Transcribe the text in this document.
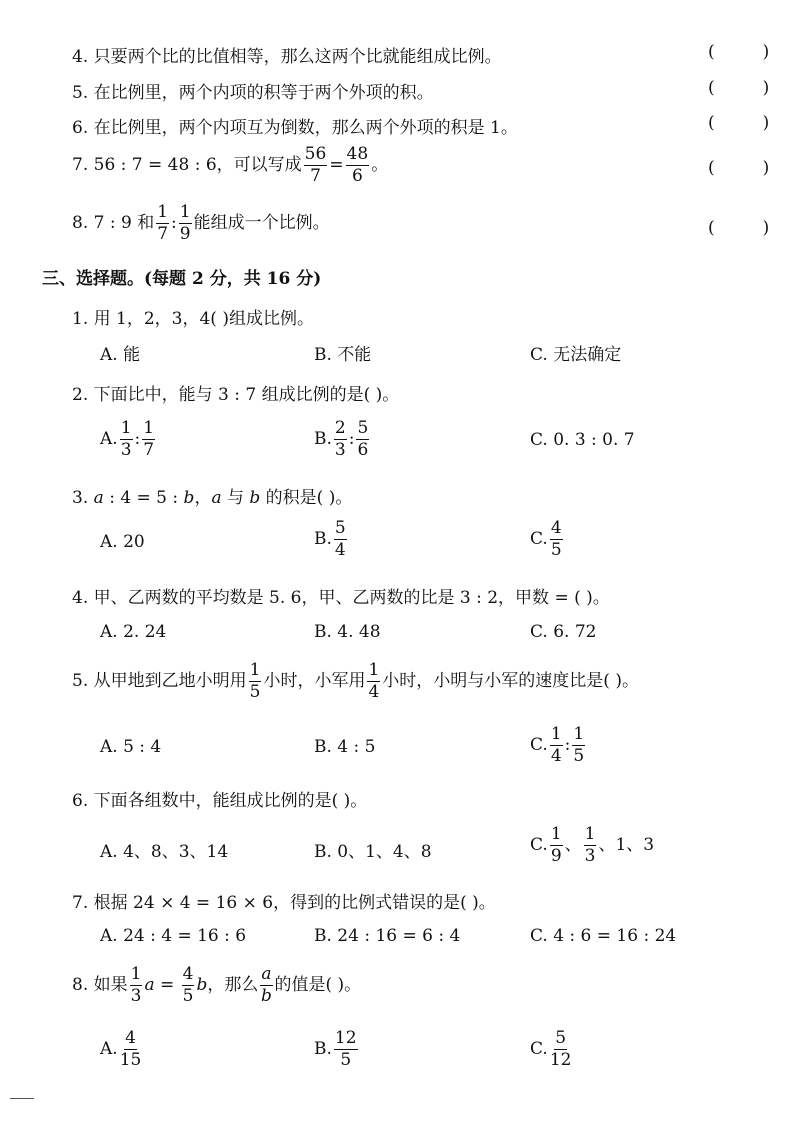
4. 只要两个比的比值相等，那么这两个比就能组成比例。	(	)
5. 在比例里，两个内项的积等于两个外项的积。	(	)
6. 在比例里，两个内项互为倒数，那么两个外项的积是 1。	(	)
7. 56 : 7 = 48 : 6，可以写成 $\frac{56}{7} = \frac{48}{6}$ 。	(	)
8. 7 : 9 和 $\frac{1}{7}$ : $\frac{1}{9}$ 能组成一个比例。	(	)
三、选择题。(每题 2 分，共 16 分)
1. 用 1，2，3，4( )组成比例。
A. 能	B. 不能	C. 无法确定
2. 下面比中，能与 3 : 7 组成比例的是( )。
A. $\frac{1}{3}$ : $\frac{1}{7}$	B. $\frac{2}{3}$ : $\frac{5}{6}$	C. 0. 3 : 0. 7
3. a : 4 = 5 : b，a 与 b 的积是( )。
A. 20	B. $\frac{5}{4}$	C. $\frac{4}{5}$
4. 甲、乙两数的平均数是 5. 6，甲、乙两数的比是 3 : 2，甲数 = ( )。
A. 2. 24	B. 4. 48	C. 6. 72
5. 从甲地到乙地小明用 $\frac{1}{5}$ 小时，小军用 $\frac{1}{4}$ 小时，小明与小军的速度比是( )。
A. 5 : 4	B. 4 : 5	C. $\frac{1}{4}$ : $\frac{1}{5}$
6. 下面各组数中，能组成比例的是( )。
A. 4、8、3、14	B. 0、1、4、8	C. $\frac{1}{9}$ 、 $\frac{1}{3}$ 、1、3
7. 根据 24 × 4 = 16 × 6，得到的比例式错误的是( )。
A. 24 : 4 = 16 : 6	B. 24 : 16 = 6 : 4	C. 4 : 6 = 16 : 24
8. 如果 $\frac{1}{3}$ $a = \frac{4}{5}$ b，那么 $\frac{a}{b}$ 的值是( )。
A. $\frac{4}{15}$	B. $\frac{12}{5}$	C. $\frac{5}{12}$
